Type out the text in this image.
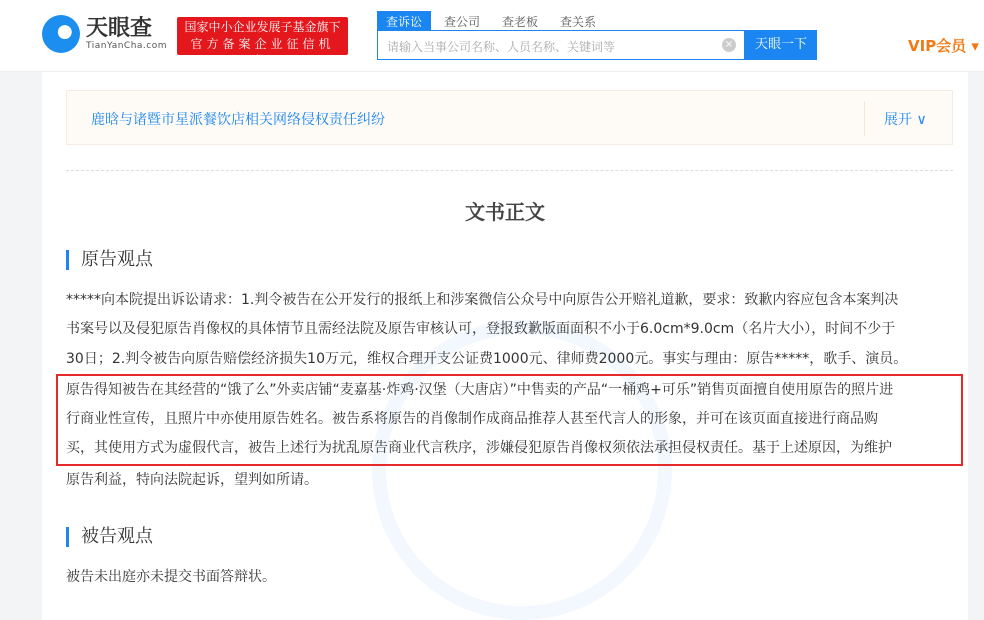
天眼查
TianYanCha.com
国家中小企业发展子基金旗下
官方备案企业征信机构
查诉讼	查公司	查老板	查关系
请输入当事公司名称、人员名称、关键词等	×	天眼一下	VIP会员 ▾
鹿晗与诸暨市星派餐饮店相关网络侵权责任纠纷	展开 ∨
文书正文
原告观点
*****向本院提出诉讼请求：1.判令被告在公开发行的报纸上和涉案微信公众号中向原告公开赔礼道歉，要求：致歉内容应包含本案判决
书案号以及侵犯原告肖像权的具体情节且需经法院及原告审核认可，登报致歉版面面积不小于6.0cm*9.0cm（名片大小），时间不少于
30日；2.判令被告向原告赔偿经济损失10万元，维权合理开支公证费1000元、律师费2000元。事实与理由：原告*****，歌手、演员。
原告得知被告在其经营的“饿了么”外卖店铺“麦嘉基·炸鸡·汉堡（大唐店）”中售卖的产品“一桶鸡+可乐”销售页面擅自使用原告的照片进
行商业性宣传，且照片中亦使用原告姓名。被告系将原告的肖像制作成商品推荐人甚至代言人的形象，并可在该页面直接进行商品购
买，其使用方式为虚假代言，被告上述行为扰乱原告商业代言秩序，涉嫌侵犯原告肖像权须依法承担侵权责任。基于上述原因，为维护
原告利益，特向法院起诉，望判如所请。
被告观点
被告未出庭亦未提交书面答辩状。
